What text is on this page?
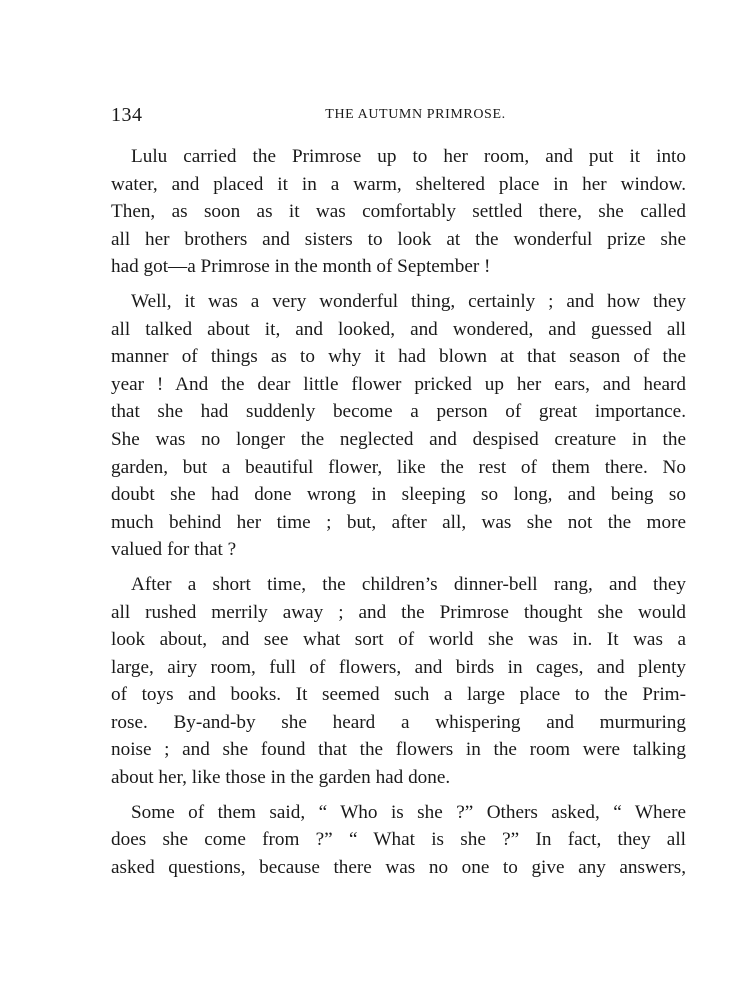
134	THE AUTUMN PRIMROSE.
Lulu carried the Primrose up to her room, and put it into
water, and placed it in a warm, sheltered place in her window.
Then, as soon as it was comfortably settled there, she called
all her brothers and sisters to look at the wonderful prize she
had got—a Primrose in the month of September !
Well, it was a very wonderful thing, certainly ; and how they
all talked about it, and looked, and wondered, and guessed all
manner of things as to why it had blown at that season of the
year ! And the dear little flower pricked up her ears, and heard
that she had suddenly become a person of great importance.
She was no longer the neglected and despised creature in the
garden, but a beautiful flower, like the rest of them there. No
doubt she had done wrong in sleeping so long, and being so
much behind her time ; but, after all, was she not the more
valued for that ?
After a short time, the children’s dinner-bell rang, and they
all rushed merrily away ; and the Primrose thought she would
look about, and see what sort of world she was in. It was a
large, airy room, full of flowers, and birds in cages, and plenty
of toys and books. It seemed such a large place to the Prim-
rose. By-and-by she heard a whispering and murmuring
noise ; and she found that the flowers in the room were talking
about her, like those in the garden had done.
Some of them said, “ Who is she ?” Others asked, “ Where
does she come from ?” “ What is she ?” In fact, they all
asked questions, because there was no one to give any answers,
